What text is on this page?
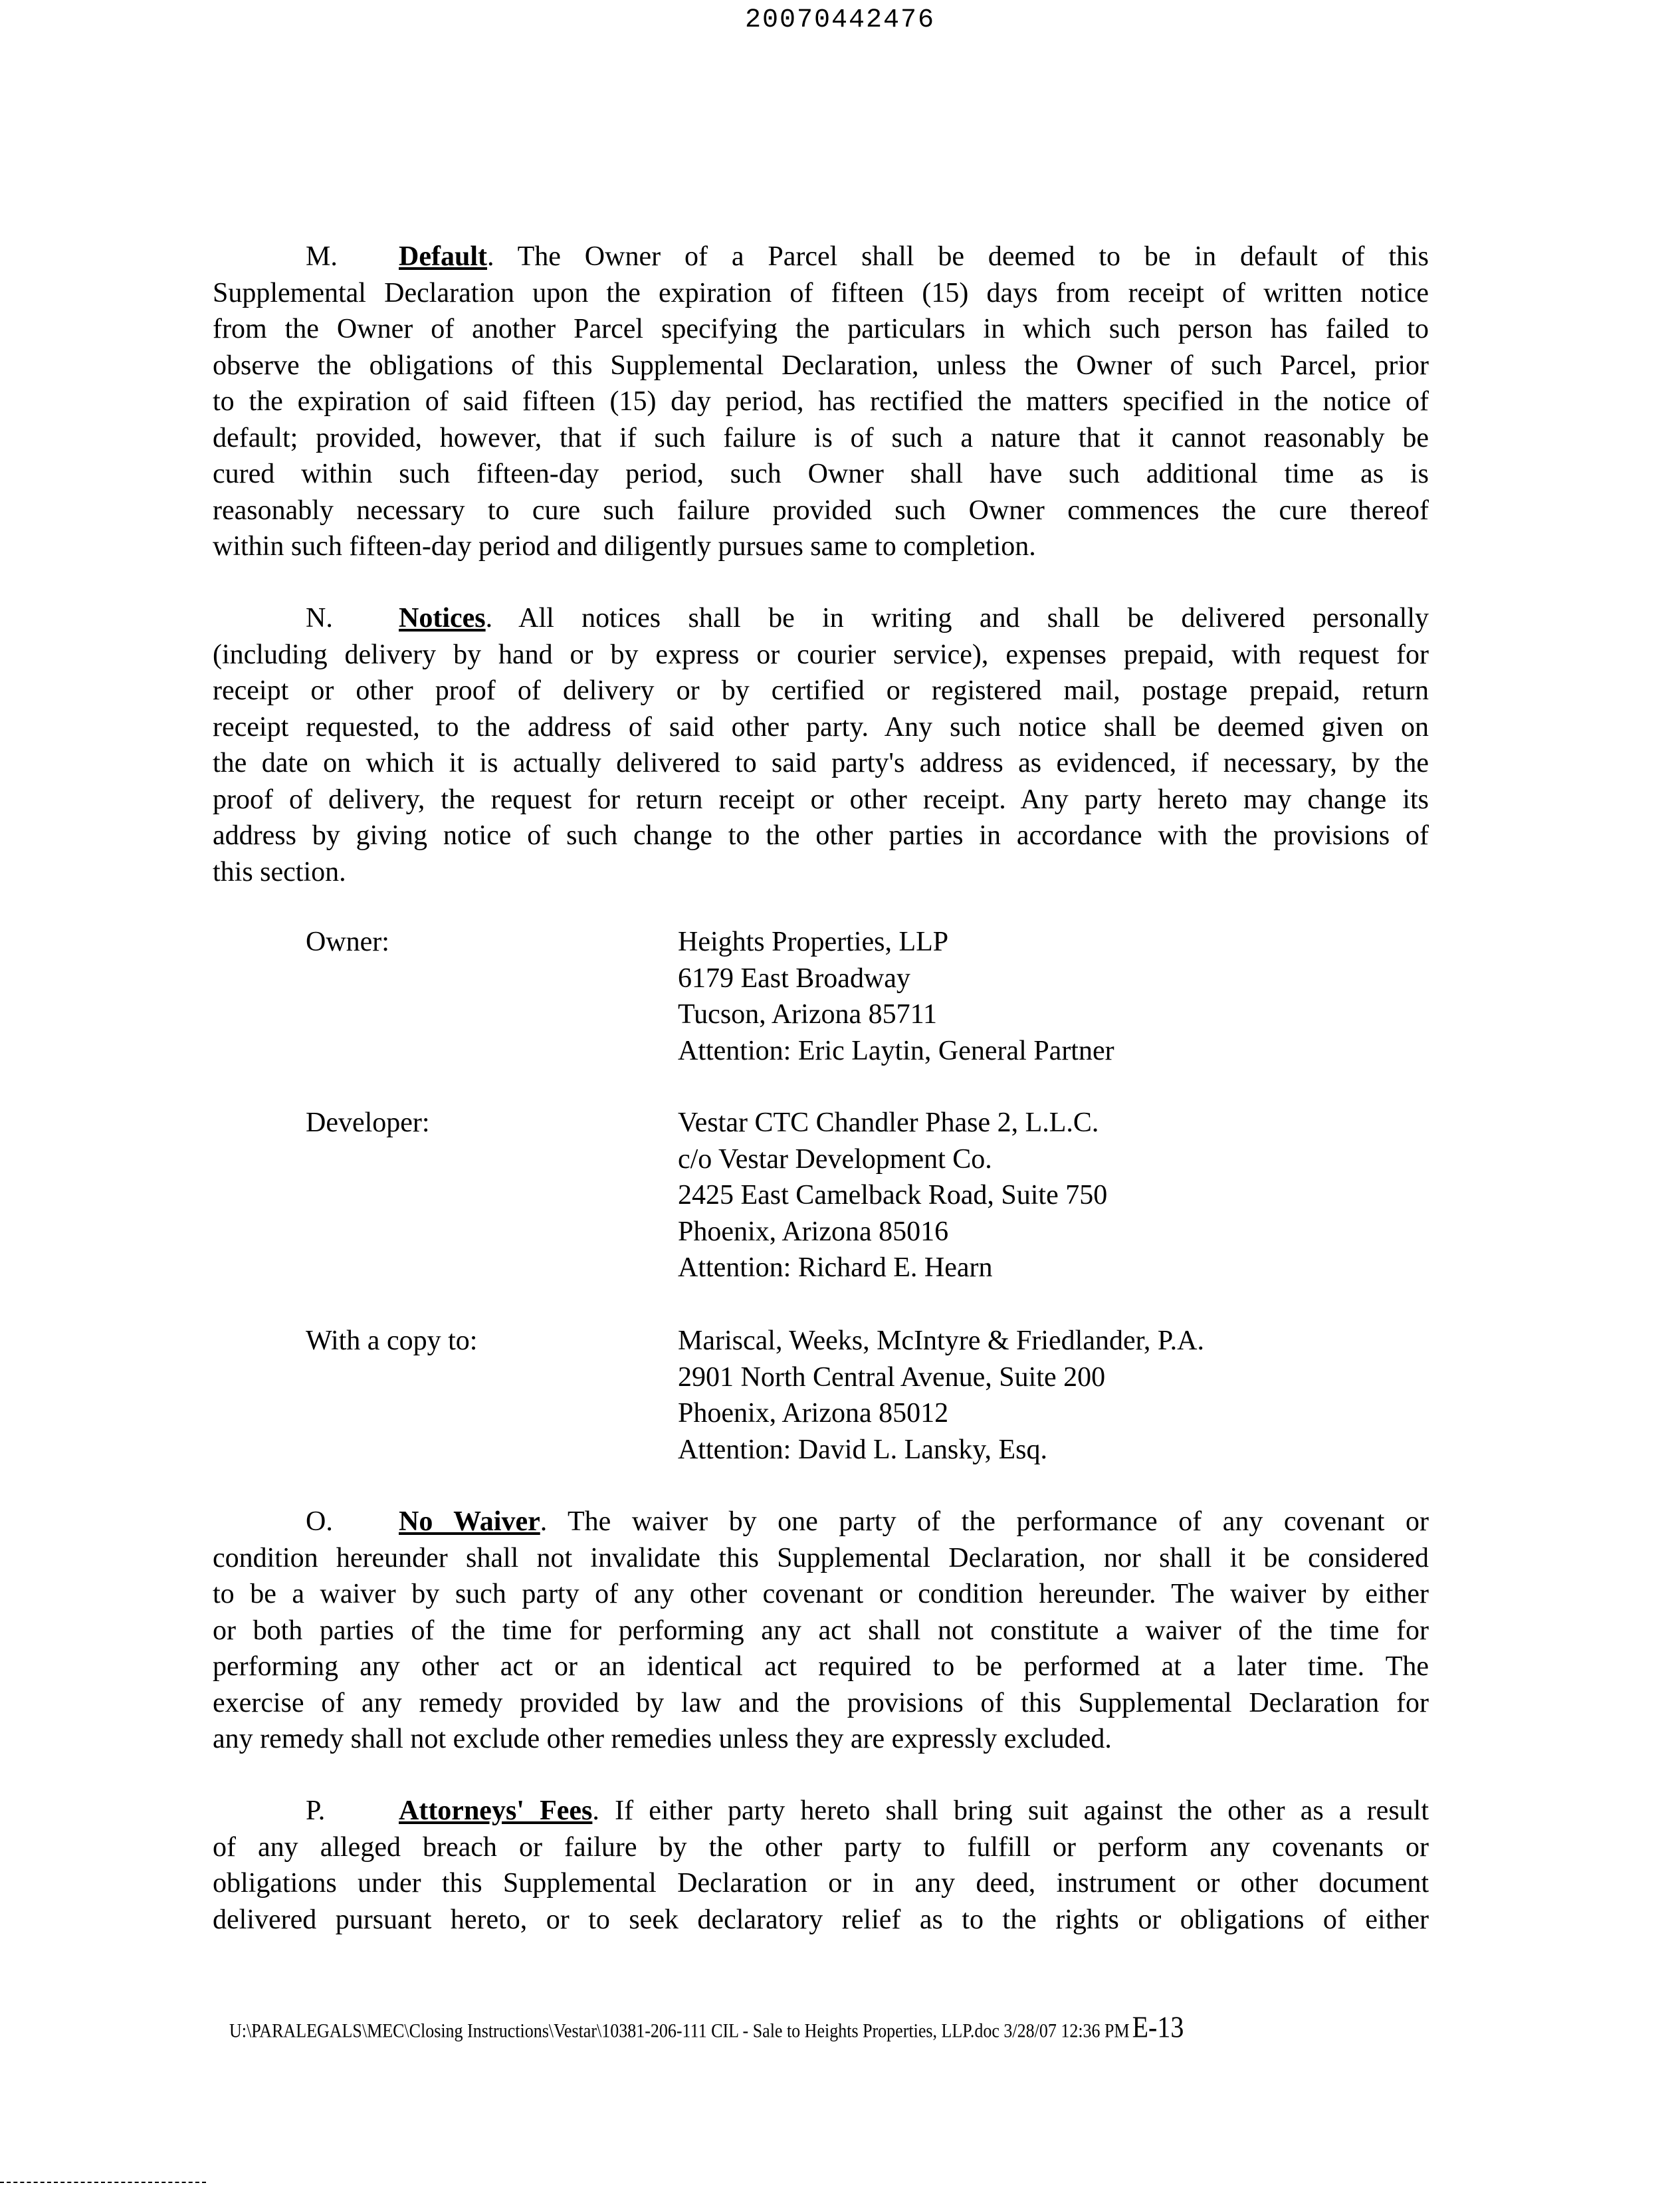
20070442476
M. Default. The Owner of a Parcel shall be deemed to be in default of this
Supplemental Declaration upon the expiration of fifteen (15) days from receipt of written notice
from the Owner of another Parcel specifying the particulars in which such person has failed to
observe the obligations of this Supplemental Declaration, unless the Owner of such Parcel, prior
to the expiration of said fifteen (15) day period, has rectified the matters specified in the notice of
default; provided, however, that if such failure is of such a nature that it cannot reasonably be
cured within such fifteen-day period, such Owner shall have such additional time as is
reasonably necessary to cure such failure provided such Owner commences the cure thereof
within such fifteen-day period and diligently pursues same to completion.
N. Notices. All notices shall be in writing and shall be delivered personally
(including delivery by hand or by express or courier service), expenses prepaid, with request for
receipt or other proof of delivery or by certified or registered mail, postage prepaid, return
receipt requested, to the address of said other party. Any such notice shall be deemed given on
the date on which it is actually delivered to said party's address as evidenced, if necessary, by the
proof of delivery, the request for return receipt or other receipt. Any party hereto may change its
address by giving notice of such change to the other parties in accordance with the provisions of
this section.
Owner:	Heights Properties, LLP
6179 East Broadway
Tucson, Arizona 85711
Attention: Eric Laytin, General Partner
Developer:	Vestar CTC Chandler Phase 2, L.L.C.
c/o Vestar Development Co.
2425 East Camelback Road, Suite 750
Phoenix, Arizona 85016
Attention: Richard E. Hearn
With a copy to:	Mariscal, Weeks, McIntyre & Friedlander, P.A.
2901 North Central Avenue, Suite 200
Phoenix, Arizona 85012
Attention: David L. Lansky, Esq.
O. No Waiver. The waiver by one party of the performance of any covenant or
condition hereunder shall not invalidate this Supplemental Declaration, nor shall it be considered
to be a waiver by such party of any other covenant or condition hereunder. The waiver by either
or both parties of the time for performing any act shall not constitute a waiver of the time for
performing any other act or an identical act required to be performed at a later time. The
exercise of any remedy provided by law and the provisions of this Supplemental Declaration for
any remedy shall not exclude other remedies unless they are expressly excluded.
P.	Attorneys' Fees. If either party hereto shall bring suit against the other as a result
of any alleged breach or failure by the other party to fulfill or perform any covenants or
obligations under this Supplemental Declaration or in any deed, instrument or other document
delivered pursuant hereto, or to seek declaratory relief as to the rights or obligations of either
U:\PARALEGALS\MEC\Closing Instructions\Vestar\10381-206-111 CIL - Sale to Heights Properties, LLP.doc 3/28/07 12:36 PM E-13
